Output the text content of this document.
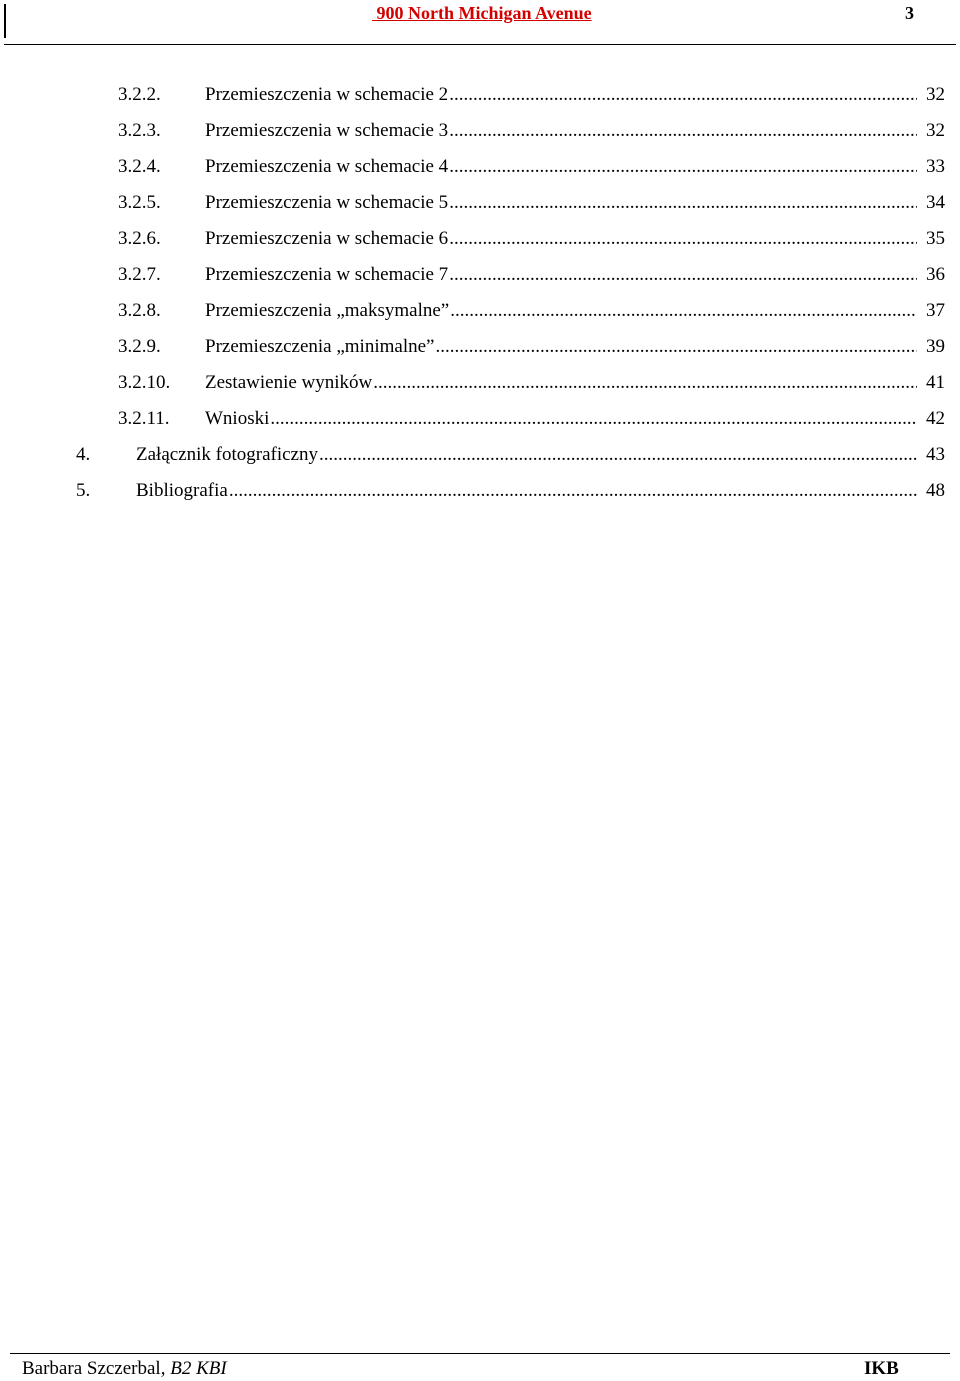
900 North Michigan Avenue	3
3.2.2. Przemieszczenia w schemacie 2 .....	32
3.2.3. Przemieszczenia w schemacie 3 .....	32
3.2.4. Przemieszczenia w schemacie 4 .....	33
3.2.5. Przemieszczenia w schemacie 5 .....	34
3.2.6. Przemieszczenia w schemacie 6 .....	35
3.2.7. Przemieszczenia w schemacie 7 .....	36
3.2.8. Przemieszczenia „maksymalne” .....	37
3.2.9. Przemieszczenia „minimalne” .....	39
3.2.10. Zestawienie wyników .....	41
3.2.11. Wnioski .....	42
4. Załącznik fotograficzny .....	43
5. Bibliografia .....	48
Barbara Szczerbal, B2 KBI	IKB
